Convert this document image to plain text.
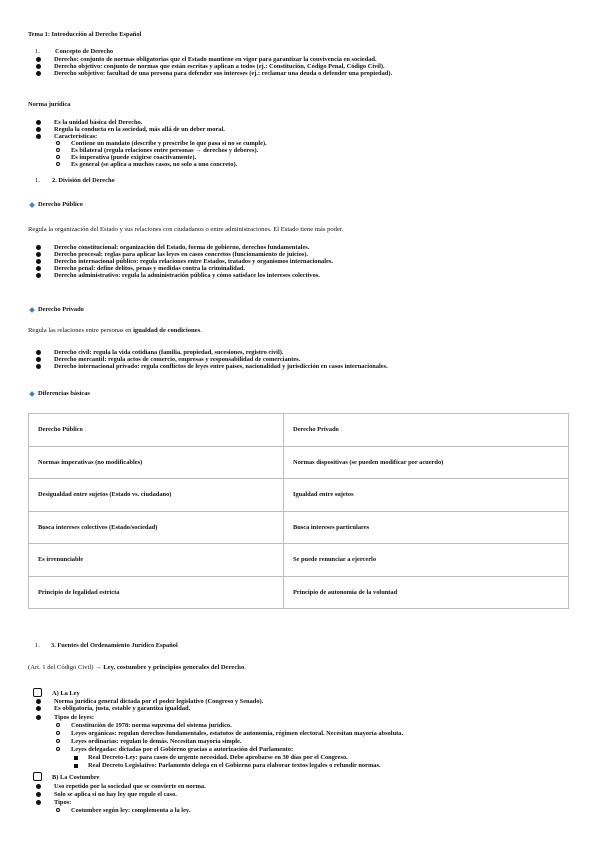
Tema 1: Introducción al Derecho Español
1. Concepto de Derecho
Derecho: conjunto de normas obligatorias que el Estado mantiene en vigor para garantizar la convivencia en sociedad.
Derecho objetivo: conjunto de normas que están escritas y aplican a todos (ej.: Constitución, Código Penal, Código Civil).
Derecho subjetivo: facultad de una persona para defender sus intereses (ej.: reclamar una deuda o defender una propiedad).
Norma jurídica
Es la unidad básica del Derecho.
Regula la conducta en la sociedad, más allá de un deber moral.
Características:
Contiene un mandato (describe y prescribe lo que pasa si no se cumple).
Es bilateral (regula relaciones entre personas → derechos y deberes).
Es imperativa (puede exigirse coactivamente).
Es general (se aplica a muchos casos, no solo a uno concreto).
1. 2. División del Derecho
Derecho Público
Regula la organización del Estado y sus relaciones con ciudadanos o entre administraciones. El Estado tiene más poder.
Derecho constitucional: organización del Estado, forma de gobierno, derechos fundamentales.
Derecho procesal: reglas para aplicar las leyes en casos concretos (funcionamiento de juicios).
Derecho internacional público: regula relaciones entre Estados, tratados y organismos internacionales.
Derecho penal: define delitos, penas y medidas contra la criminalidad.
Derecho administrativo: regula la administración pública y cómo satisface los intereses colectivos.
Derecho Privado
Regula las relaciones entre personas en igualdad de condiciones.
Derecho civil: regula la vida cotidiana (familia, propiedad, sucesiones, registro civil).
Derecho mercantil: regula actos de comercio, empresas y responsabilidad de comerciantes.
Derecho internacional privado: regula conflictos de leyes entre países, nacionalidad y jurisdicción en casos internacionales.
Diferencias básicas
Derecho Público	Derecho Privado
Normas imperativas (no modificables)	Normas dispositivas (se pueden modificar por acuerdo)
Desigualdad entre sujetos (Estado vs. ciudadano)	Igualdad entre sujetos
Busca intereses colectivos (Estado/sociedad)	Busca intereses particulares
Es irrenunciable	Se puede renunciar a ejercerlo
Principio de legalidad estricta	Principio de autonomía de la voluntad
1. 3. Fuentes del Ordenamiento Jurídico Español
(Art. 1 del Código Civil) → Ley, costumbre y principios generales del Derecho.
A) La Ley
Norma jurídica general dictada por el poder legislativo (Congreso y Senado).
Es obligatoria, justa, estable y garantiza igualdad.
Tipos de leyes:
Constitución de 1978: norma suprema del sistema jurídico.
Leyes orgánicas: regulan derechos fundamentales, estatutos de autonomía, régimen electoral. Necesitan mayoría absoluta.
Leyes ordinarias: regulan lo demás. Necesitan mayoría simple.
Leyes delegadas: dictadas por el Gobierno gracias a autorización del Parlamento:
Real Decreto-Ley: para casos de urgente necesidad. Debe aprobarse en 30 días por el Congreso.
Real Decreto Legislativo: Parlamento delega en el Gobierno para elaborar textos legales o refundir normas.
B) La Costumbre
Uso repetido por la sociedad que se convierte en norma.
Solo se aplica si no hay ley que regule el caso.
Tipos:
Costumbre según ley: complementa a la ley.
